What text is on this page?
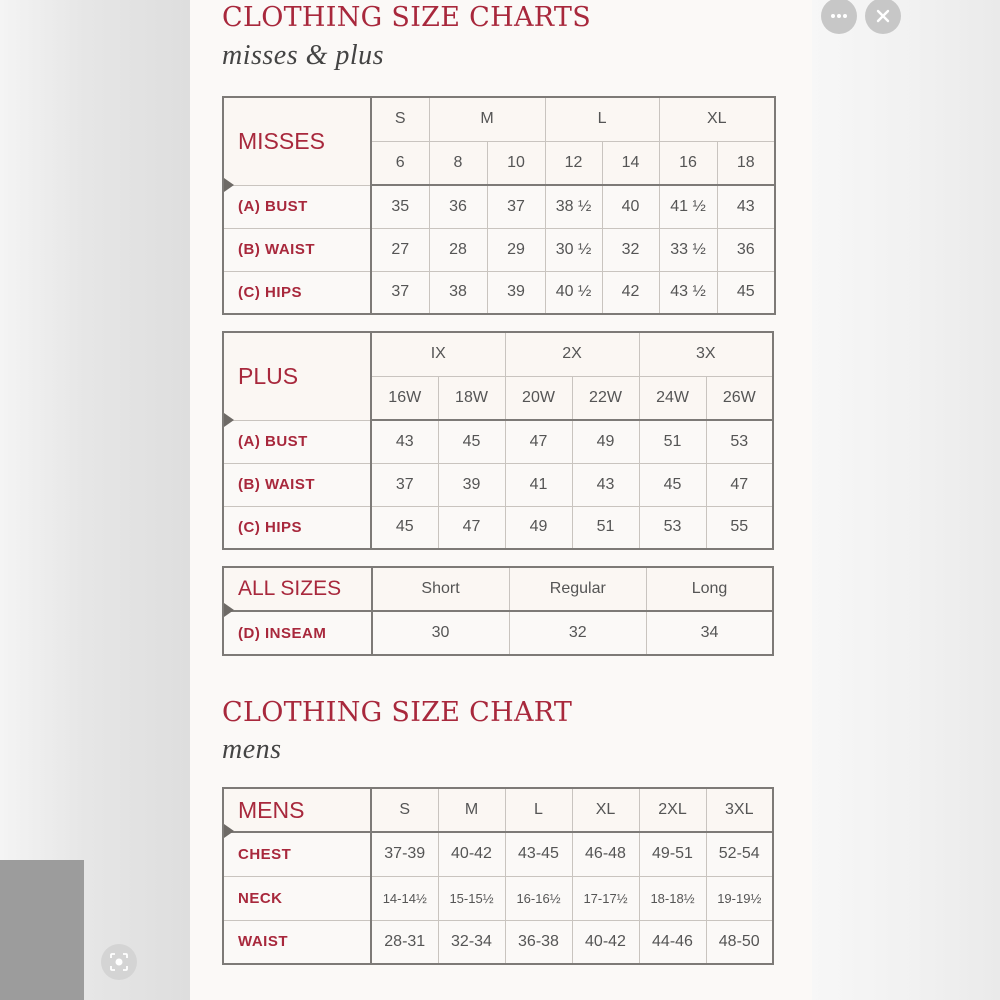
CLOTHING SIZE CHARTS
misses & plus
MISSES	S	M		L		XL	
	6	8	10	12	14	16	18
(A) BUST	35	36	37	38 ½	40	41 ½	43
(B) WAIST	27	28	29	30 ½	32	33 ½	36
(C) HIPS	37	38	39	40 ½	42	43 ½	45
PLUS	IX		2X		3X	
	16W	18W	20W	22W	24W	26W
(A) BUST	43	45	47	49	51	53
(B) WAIST	37	39	41	43	45	47
(C) HIPS	45	47	49	51	53	55
ALL SIZES	Short	Regular	Long
(D) INSEAM	30	32	34
CLOTHING SIZE CHART
mens
MENS	S	M	L	XL	2XL	3XL
CHEST	37-39	40-42	43-45	46-48	49-51	52-54
NECK	14-14½	15-15½	16-16½	17-17½	18-18½	19-19½
WAIST	28-31	32-34	36-38	40-42	44-46	48-50
